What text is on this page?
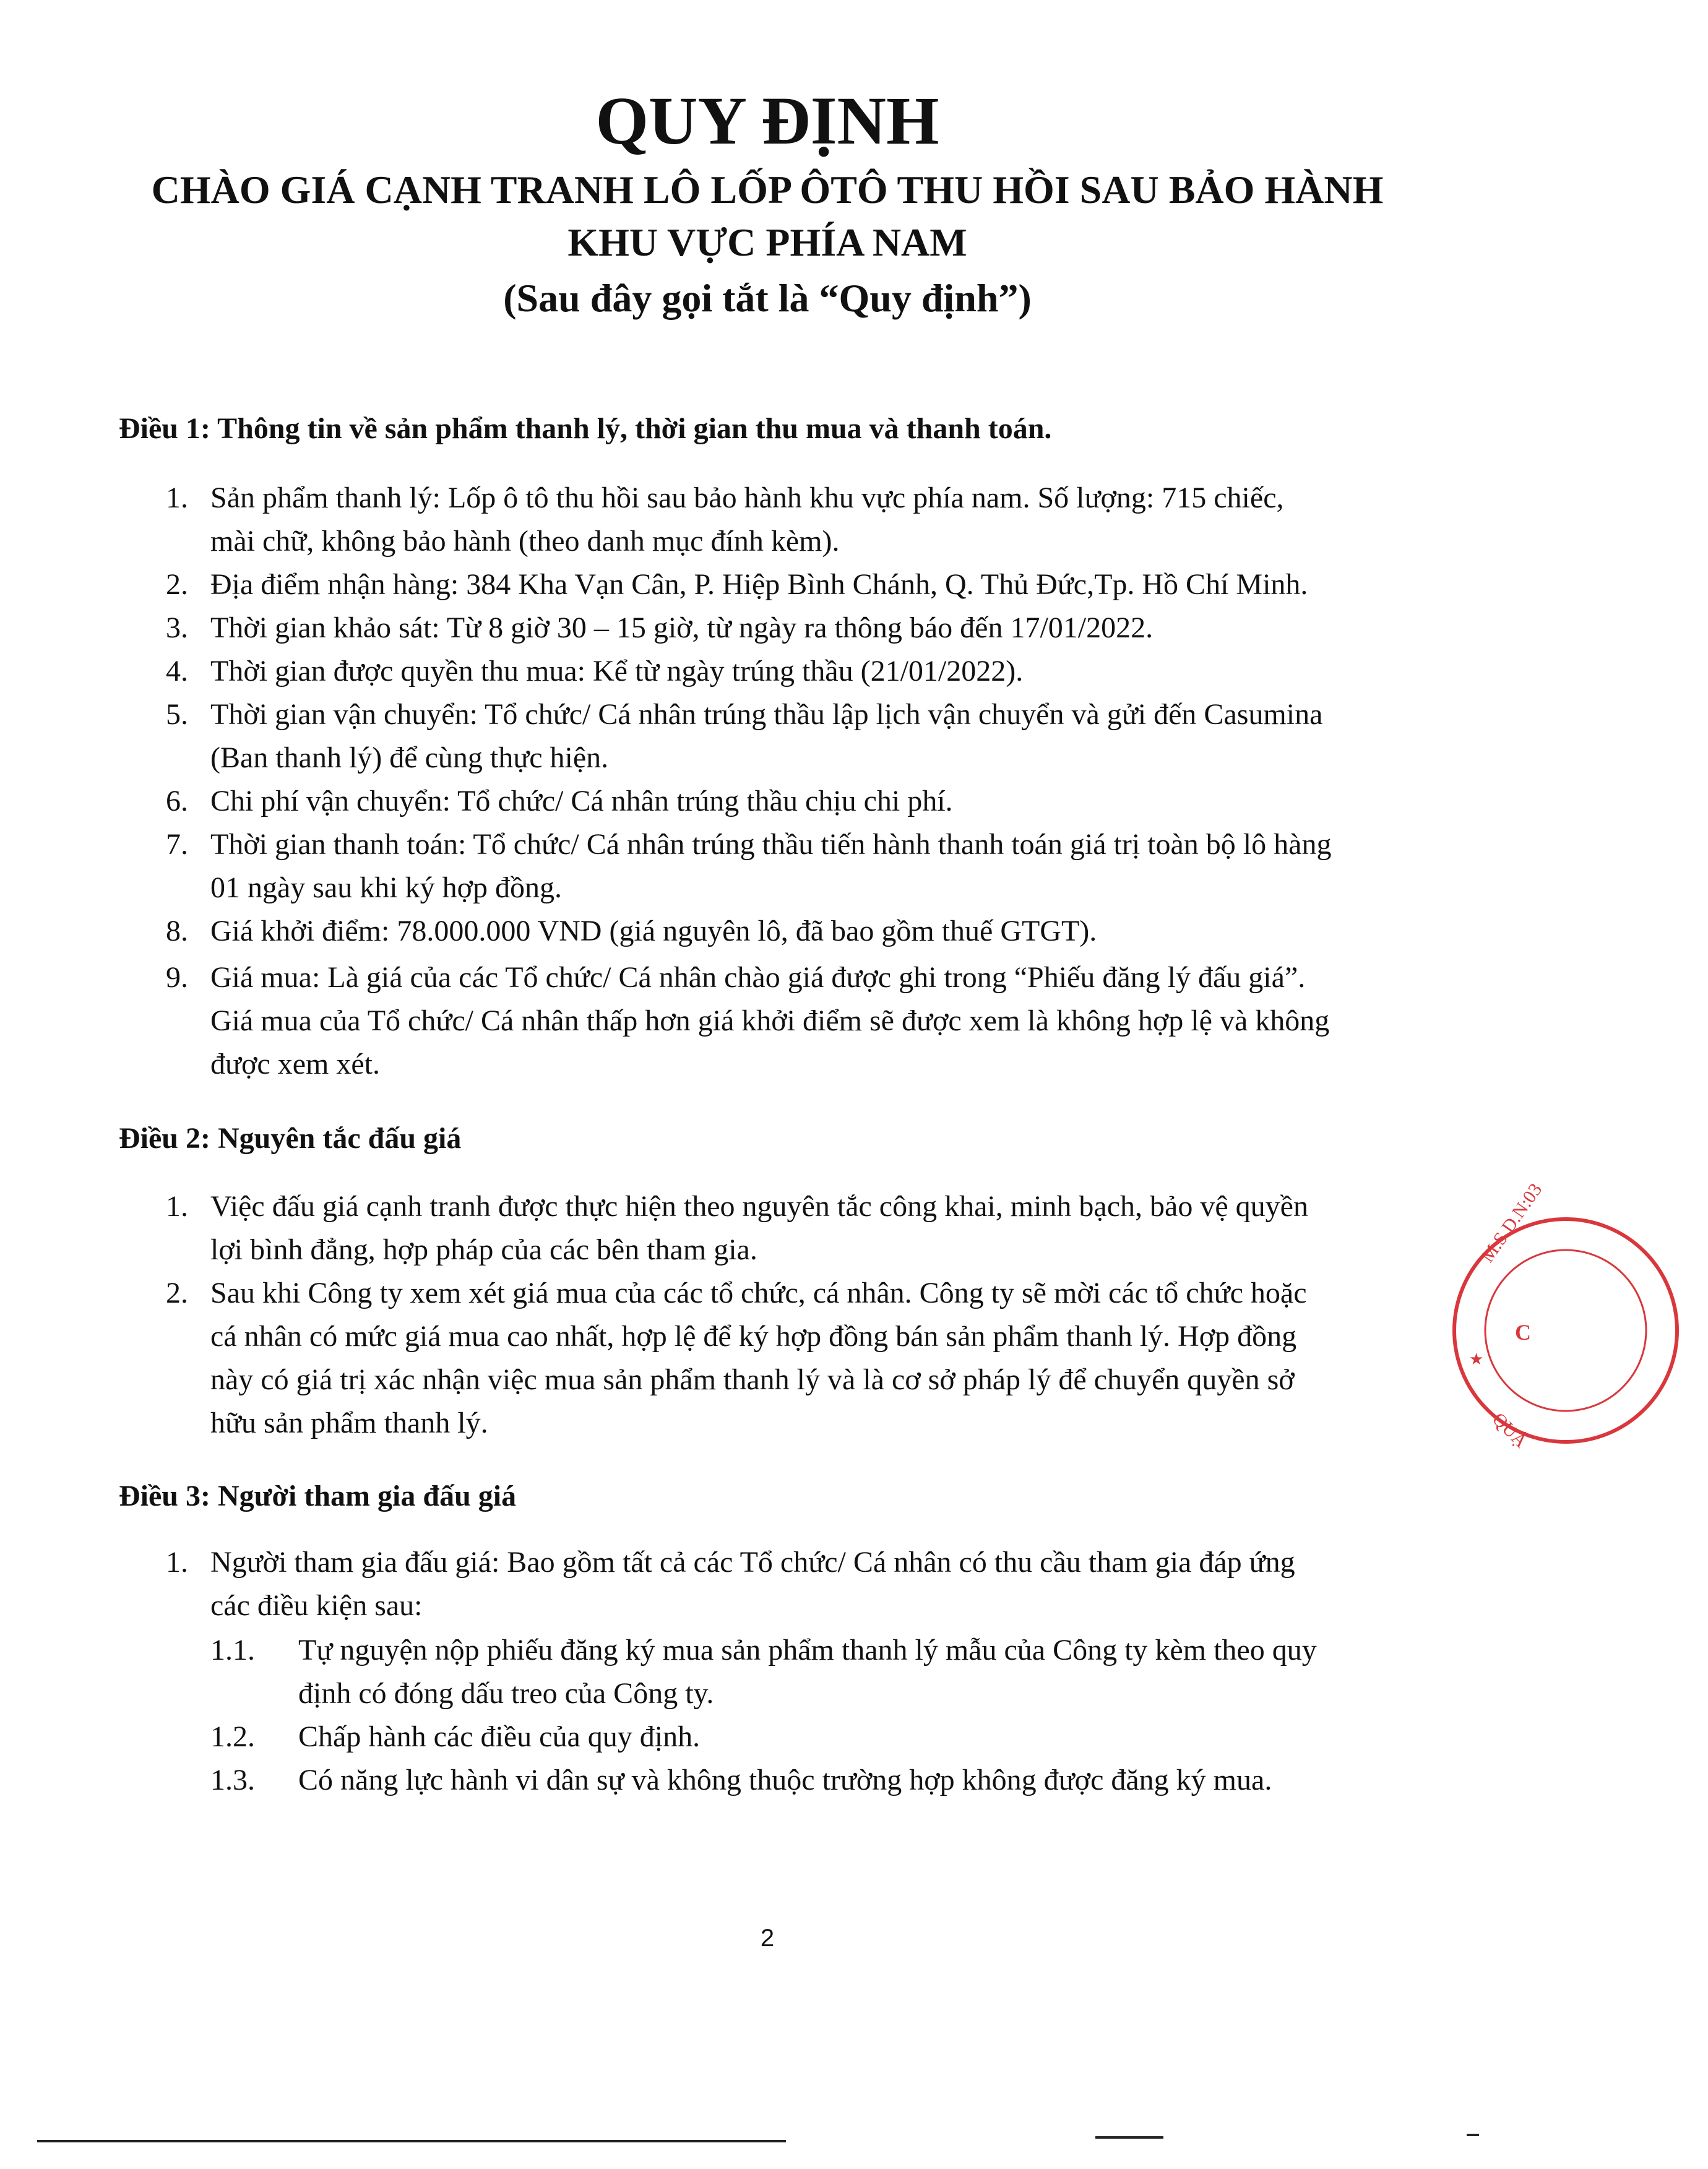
QUY ĐỊNH
CHÀO GIÁ CẠNH TRANH LÔ LỐP ÔTÔ THU HỒI SAU BẢO HÀNH
KHU VỰC PHÍA NAM
(Sau đây gọi tắt là “Quy định”)
Điều 1: Thông tin về sản phẩm thanh lý, thời gian thu mua và thanh toán.
1. Sản phẩm thanh lý: Lốp ô tô thu hồi sau bảo hành khu vực phía nam. Số lượng: 715 chiếc,
mài chữ, không bảo hành (theo danh mục đính kèm).
2. Địa điểm nhận hàng: 384 Kha Vạn Cân, P. Hiệp Bình Chánh, Q. Thủ Đức,Tp. Hồ Chí Minh.
3. Thời gian khảo sát: Từ 8 giờ 30 – 15 giờ, từ ngày ra thông báo đến 17/01/2022.
4. Thời gian được quyền thu mua: Kể từ ngày trúng thầu (21/01/2022).
5. Thời gian vận chuyển: Tổ chức/ Cá nhân trúng thầu lập lịch vận chuyển và gửi đến Casumina
(Ban thanh lý) để cùng thực hiện.
6. Chi phí vận chuyển: Tổ chức/ Cá nhân trúng thầu chịu chi phí.
7. Thời gian thanh toán: Tổ chức/ Cá nhân trúng thầu tiến hành thanh toán giá trị toàn bộ lô hàng
01 ngày sau khi ký hợp đồng.
8. Giá khởi điểm: 78.000.000 VND (giá nguyên lô, đã bao gồm thuế GTGT).
9. Giá mua: Là giá của các Tổ chức/ Cá nhân chào giá được ghi trong “Phiếu đăng lý đấu giá”.
Giá mua của Tổ chức/ Cá nhân thấp hơn giá khởi điểm sẽ được xem là không hợp lệ và không
được xem xét.
Điều 2: Nguyên tắc đấu giá
1. Việc đấu giá cạnh tranh được thực hiện theo nguyên tắc công khai, minh bạch, bảo vệ quyền
lợi bình đẳng, hợp pháp của các bên tham gia.
2. Sau khi Công ty xem xét giá mua của các tổ chức, cá nhân. Công ty sẽ mời các tổ chức hoặc
cá nhân có mức giá mua cao nhất, hợp lệ để ký hợp đồng bán sản phẩm thanh lý. Hợp đồng
này có giá trị xác nhận việc mua sản phẩm thanh lý và là cơ sở pháp lý để chuyển quyền sở
hữu sản phẩm thanh lý.
Điều 3: Người tham gia đấu giá
1. Người tham gia đấu giá: Bao gồm tất cả các Tổ chức/ Cá nhân có thu cầu tham gia đáp ứng
các điều kiện sau:
1.1. Tự nguyện nộp phiếu đăng ký mua sản phẩm thanh lý mẫu của Công ty kèm theo quy
định có đóng dấu treo của Công ty.
1.2. Chấp hành các điều của quy định.
1.3. Có năng lực hành vi dân sự và không thuộc trường hợp không được đăng ký mua.
M.S.D.N:03
C
QUẬ
★
2
